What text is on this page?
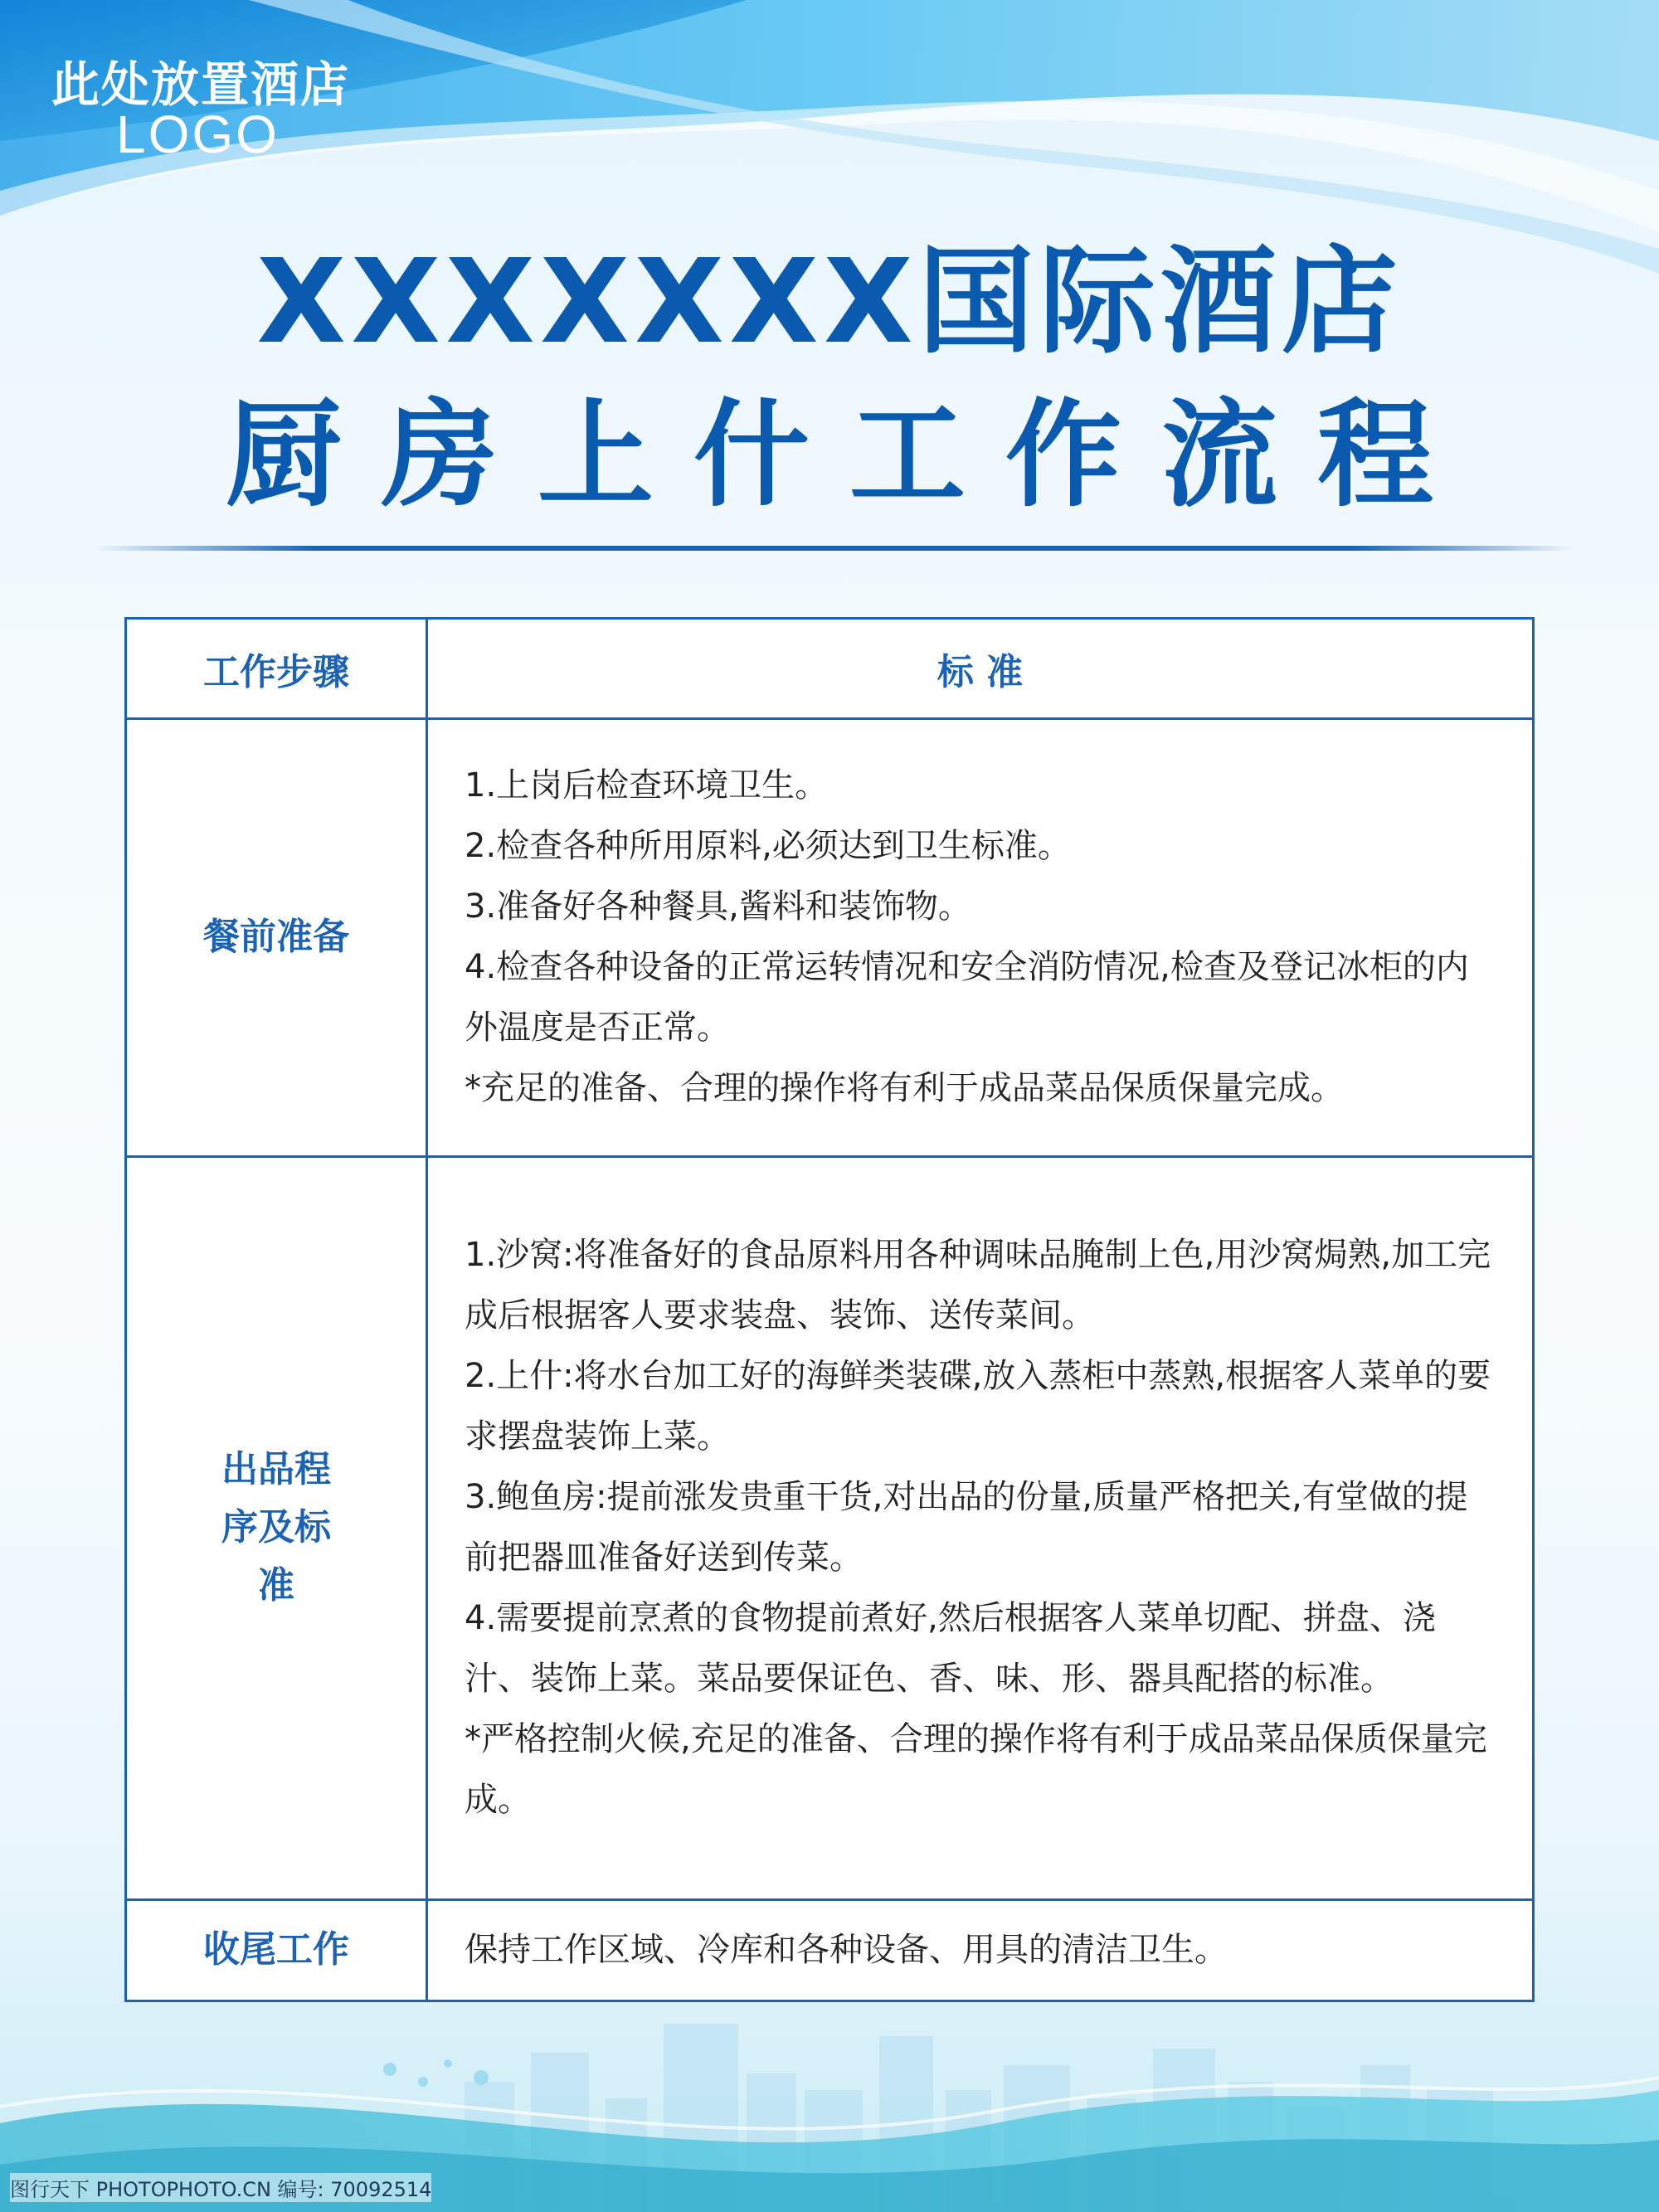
此处放置酒店
LOGO
XXXXXXX国际酒店
厨房上什工作流程
工作步骤	标 准
餐前准备	1.上岗后检查环境卫生。

2.检查各种所用原料,必须达到卫生标准。

3.准备好各种餐具,酱料和装饰物。

4.检查各种设备的正常运转情况和安全消防情况,检查及登记冰柜的内外温度是否正常。

*充足的准备、合理的操作将有利于成品菜品保质保量完成。

出品程序及标准	1.沙窝:将准备好的食品原料用各种调味品腌制上色,用沙窝焗熟,加工完成后根据客人要求装盘、装饰、送传菜间。

2.上什:将水台加工好的海鲜类装碟,放入蒸柜中蒸熟,根据客人菜单的要求摆盘装饰上菜。

3.鲍鱼房:提前涨发贵重干货,对出品的份量,质量严格把关,有堂做的提前把器皿准备好送到传菜。

4.需要提前烹煮的食物提前煮好,然后根据客人菜单切配、拼盘、浇汁、装饰上菜。菜品要保证色、香、味、形、器具配搭的标准。

*严格控制火候,充足的准备、合理的操作将有利于成品菜品保质保量完成。

收尾工作	保持工作区域、冷库和各种设备、用具的清洁卫生。

图行天下 PHOTOPHOTO.CN 编号: 70092514
